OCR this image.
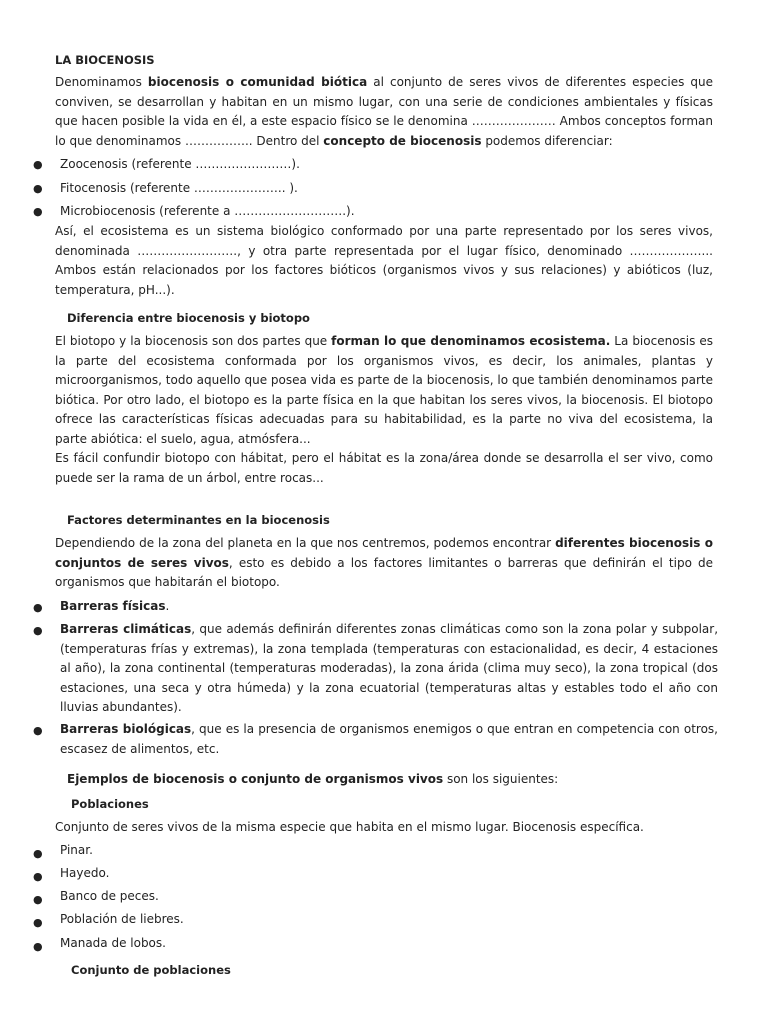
LA BIOCENOSIS

Denominamos biocenosis o comunidad biótica al conjunto de seres vivos de diferentes especies que conviven, se desarrollan y habitan en un mismo lugar, con una serie de condiciones ambientales y físicas que hacen posible la vida en él, a este espacio físico se le denomina ………………… Ambos conceptos forman lo que denominamos …………….. Dentro del concepto de biocenosis podemos diferenciar:

●	Zoocenosis (referente ……………………).

●	Fitocenosis (referente ………………….. ).

●	Microbiocenosis (referente a ……………………….).

Así, el ecosistema es un sistema biológico conformado por una parte representado por los seres vivos, denominada ……………………., y otra parte representada por el lugar físico, denominado ………………... Ambos están relacionados por los factores bióticos (organismos vivos y sus relaciones) y abióticos (luz, temperatura, pH...).

Diferencia entre biocenosis y biotopo

El biotopo y la biocenosis son dos partes que forman lo que denominamos ecosistema. La biocenosis es la parte del ecosistema conformada por los organismos vivos, es decir, los animales, plantas y microorganismos, todo aquello que posea vida es parte de la biocenosis, lo que también denominamos parte biótica. Por otro lado, el biotopo es la parte física en la que habitan los seres vivos, la biocenosis. El biotopo ofrece las características físicas adecuadas para su habitabilidad, es la parte no viva del ecosistema, la parte abiótica: el suelo, agua, atmósfera...

Es fácil confundir biotopo con hábitat, pero el hábitat es la zona/área donde se desarrolla el ser vivo, como puede ser la rama de un árbol, entre rocas...

Factores determinantes en la biocenosis

Dependiendo de la zona del planeta en la que nos centremos, podemos encontrar diferentes biocenosis o conjuntos de seres vivos, esto es debido a los factores limitantes o barreras que definirán el tipo de organismos que habitarán el biotopo.

●	Barreras físicas.

●	Barreras climáticas, que además definirán diferentes zonas climáticas como son la zona polar y subpolar, (temperaturas frías y extremas), la zona templada (temperaturas con estacionalidad, es decir, 4 estaciones al año), la zona continental (temperaturas moderadas), la zona árida (clima muy seco), la zona tropical (dos estaciones, una seca y otra húmeda) y la zona ecuatorial (temperaturas altas y estables todo el año con lluvias abundantes).

●	Barreras biológicas, que es la presencia de organismos enemigos o que entran en competencia con otros, escasez de alimentos, etc.

Ejemplos de biocenosis o conjunto de organismos vivos son los siguientes:

Poblaciones

Conjunto de seres vivos de la misma especie que habita en el mismo lugar. Biocenosis específica.

●	Pinar.

●	Hayedo.

●	Banco de peces.

●	Población de liebres.

●	Manada de lobos.

Conjunto de poblaciones
